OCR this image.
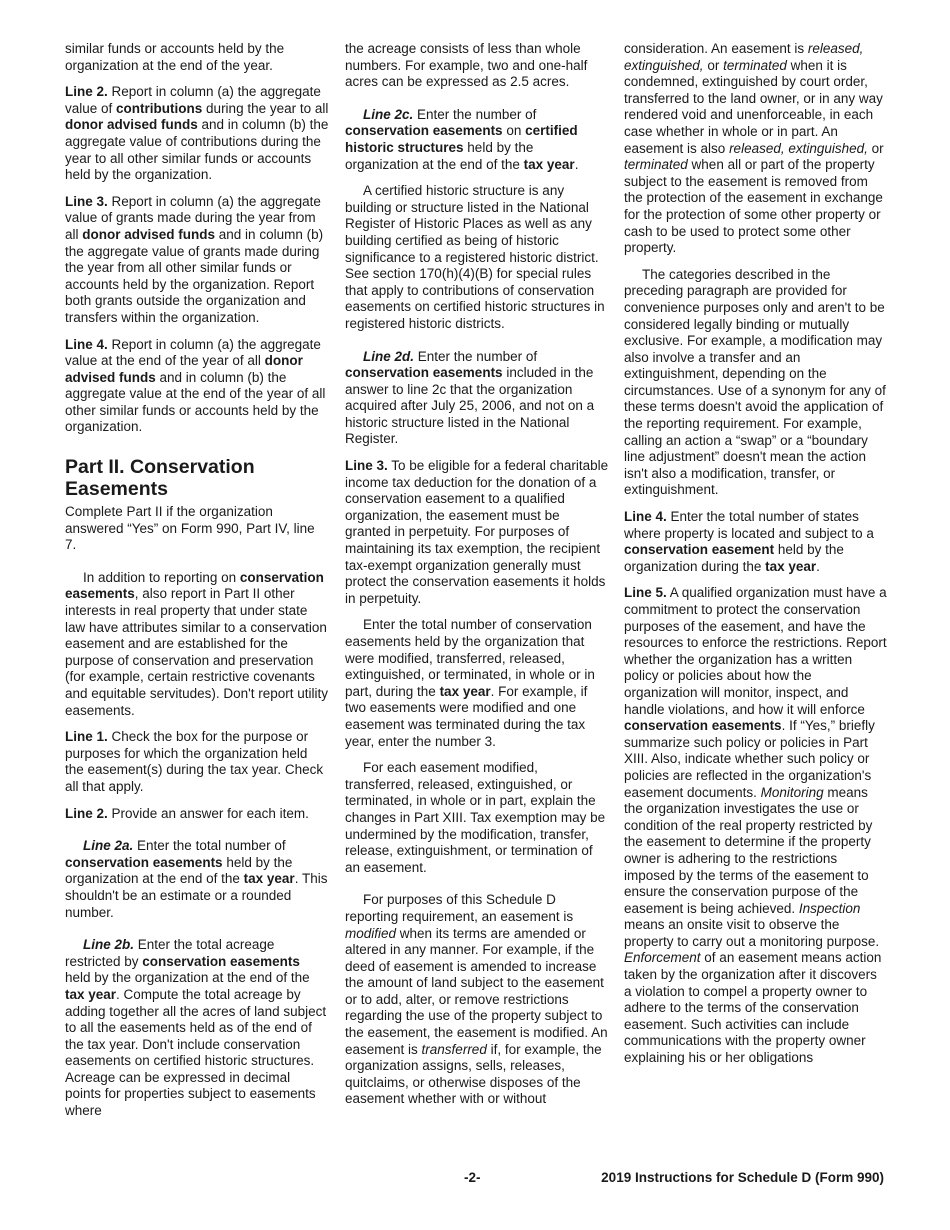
similar funds or accounts held by the organization at the end of the year.

Line 2. Report in column (a) the aggregate value of contributions during the year to all donor advised funds and in column (b) the aggregate value of contributions during the year to all other similar funds or accounts held by the organization.

Line 3. Report in column (a) the aggregate value of grants made during the year from all donor advised funds and in column (b) the aggregate value of grants made during the year from all other similar funds or accounts held by the organization. Report both grants outside the organization and transfers within the organization.

Line 4. Report in column (a) the aggregate value at the end of the year of all donor advised funds and in column (b) the aggregate value at the end of the year of all other similar funds or accounts held by the organization.

Part II. Conservation Easements

Complete Part II if the organization answered “Yes” on Form 990, Part IV, line 7.

In addition to reporting on conservation easements, also report in Part II other interests in real property that under state law have attributes similar to a conservation easement and are established for the purpose of conservation and preservation (for example, certain restrictive covenants and equitable servitudes). Don't report utility easements.

Line 1. Check the box for the purpose or purposes for which the organization held the easement(s) during the tax year. Check all that apply.

Line 2. Provide an answer for each item.

Line 2a. Enter the total number of conservation easements held by the organization at the end of the tax year. This shouldn't be an estimate or a rounded number.

Line 2b. Enter the total acreage restricted by conservation easements held by the organization at the end of the tax year. Compute the total acreage by adding together all the acres of land subject to all the easements held as of the end of the tax year. Don't include conservation easements on certified historic structures. Acreage can be expressed in decimal points for properties subject to easements where

the acreage consists of less than whole numbers. For example, two and one-half acres can be expressed as 2.5 acres.

Line 2c. Enter the number of conservation easements on certified historic structures held by the organization at the end of the tax year.

A certified historic structure is any building or structure listed in the National Register of Historic Places as well as any building certified as being of historic significance to a registered historic district. See section 170(h)(4)(B) for special rules that apply to contributions of conservation easements on certified historic structures in registered historic districts.

Line 2d. Enter the number of conservation easements included in the answer to line 2c that the organization acquired after July 25, 2006, and not on a historic structure listed in the National Register.

Line 3. To be eligible for a federal charitable income tax deduction for the donation of a conservation easement to a qualified organization, the easement must be granted in perpetuity. For purposes of maintaining its tax exemption, the recipient tax-exempt organization generally must protect the conservation easements it holds in perpetuity.

Enter the total number of conservation easements held by the organization that were modified, transferred, released, extinguished, or terminated, in whole or in part, during the tax year. For example, if two easements were modified and one easement was terminated during the tax year, enter the number 3.

For each easement modified, transferred, released, extinguished, or terminated, in whole or in part, explain the changes in Part XIII. Tax exemption may be undermined by the modification, transfer, release, extinguishment, or termination of an easement.

For purposes of this Schedule D reporting requirement, an easement is modified when its terms are amended or altered in any manner. For example, if the deed of easement is amended to increase the amount of land subject to the easement or to add, alter, or remove restrictions regarding the use of the property subject to the easement, the easement is modified. An easement is transferred if, for example, the organization assigns, sells, releases, quitclaims, or otherwise disposes of the easement whether with or without

consideration. An easement is released, extinguished, or terminated when it is condemned, extinguished by court order, transferred to the land owner, or in any way rendered void and unenforceable, in each case whether in whole or in part. An easement is also released, extinguished, or terminated when all or part of the property subject to the easement is removed from the protection of the easement in exchange for the protection of some other property or cash to be used to protect some other property.

The categories described in the preceding paragraph are provided for convenience purposes only and aren't to be considered legally binding or mutually exclusive. For example, a modification may also involve a transfer and an extinguishment, depending on the circumstances. Use of a synonym for any of these terms doesn't avoid the application of the reporting requirement. For example, calling an action a “swap” or a “boundary line adjustment” doesn't mean the action isn't also a modification, transfer, or extinguishment.

Line 4. Enter the total number of states where property is located and subject to a conservation easement held by the organization during the tax year.

Line 5. A qualified organization must have a commitment to protect the conservation purposes of the easement, and have the resources to enforce the restrictions. Report whether the organization has a written policy or policies about how the organization will monitor, inspect, and handle violations, and how it will enforce conservation easements. If “Yes,” briefly summarize such policy or policies in Part XIII. Also, indicate whether such policy or policies are reflected in the organization's easement documents. Monitoring means the organization investigates the use or condition of the real property restricted by the easement to determine if the property owner is adhering to the restrictions imposed by the terms of the easement to ensure the conservation purpose of the easement is being achieved. Inspection means an onsite visit to observe the property to carry out a monitoring purpose. Enforcement of an easement means action taken by the organization after it discovers a violation to compel a property owner to adhere to the terms of the conservation easement. Such activities can include communications with the property owner explaining his or her obligations

-2-	2019 Instructions for Schedule D (Form 990)
